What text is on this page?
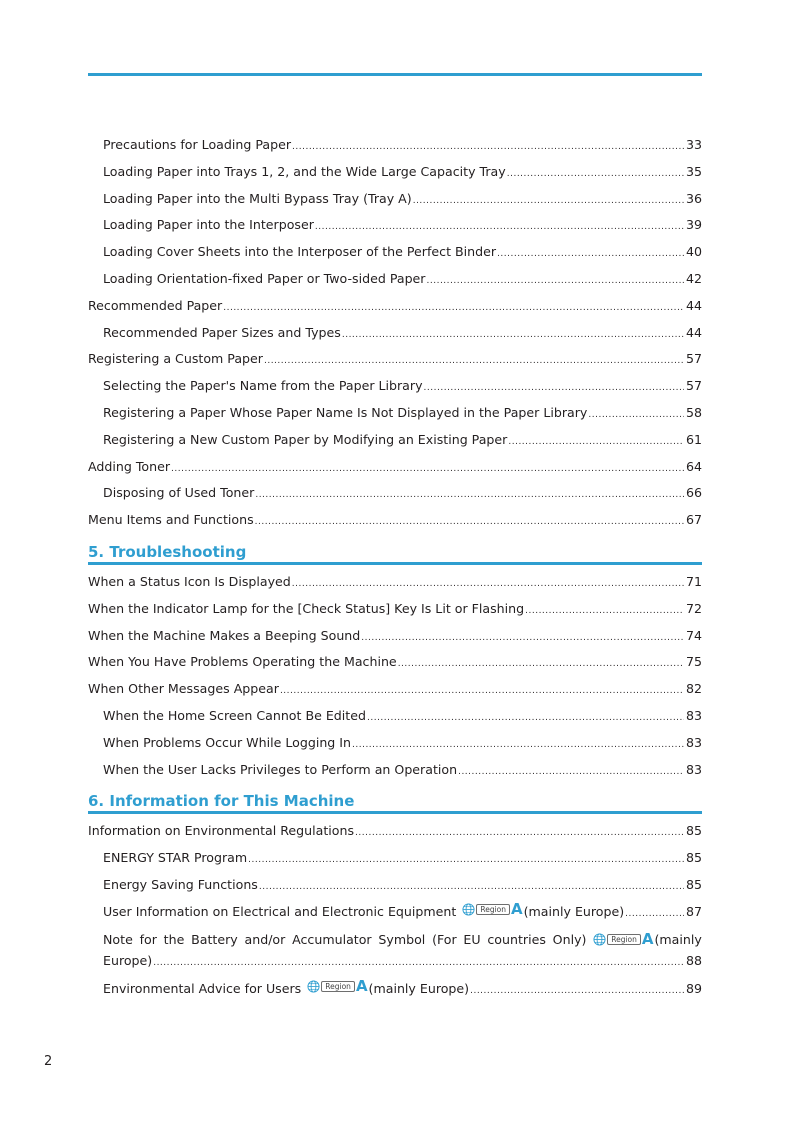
Precautions for Loading Paper .....	33
Loading Paper into Trays 1, 2, and the Wide Large Capacity Tray .....	35
Loading Paper into the Multi Bypass Tray (Tray A) .....	36
Loading Paper into the Interposer .....	39
Loading Cover Sheets into the Interposer of the Perfect Binder .....	40
Loading Orientation-fixed Paper or Two-sided Paper .....	42
Recommended Paper .....	44
Recommended Paper Sizes and Types .....	44
Registering a Custom Paper .....	57
Selecting the Paper's Name from the Paper Library .....	57
Registering a Paper Whose Paper Name Is Not Displayed in the Paper Library .....	58
Registering a New Custom Paper by Modifying an Existing Paper .....	61
Adding Toner .....	64
Disposing of Used Toner .....	66
Menu Items and Functions .....	67
5. Troubleshooting
When a Status Icon Is Displayed .....	71
When the Indicator Lamp for the [Check Status] Key Is Lit or Flashing .....	72
When the Machine Makes a Beeping Sound .....	74
When You Have Problems Operating the Machine .....	75
When Other Messages Appear .....	82
When the Home Screen Cannot Be Edited .....	83
When Problems Occur While Logging In .....	83
When the User Lacks Privileges to Perform an Operation .....	83
6. Information for This Machine
Information on Environmental Regulations .....	85
ENERGY STAR Program .....	85
Energy Saving Functions .....	85
User Information on Electrical and Electronic Equipment	Region A (mainly Europe) .....	87
Note for the Battery and/or Accumulator Symbol (For EU countries Only)	Region A (mainly
Europe) .....	88
Environmental Advice for Users	Region A (mainly Europe) .....	89
2
